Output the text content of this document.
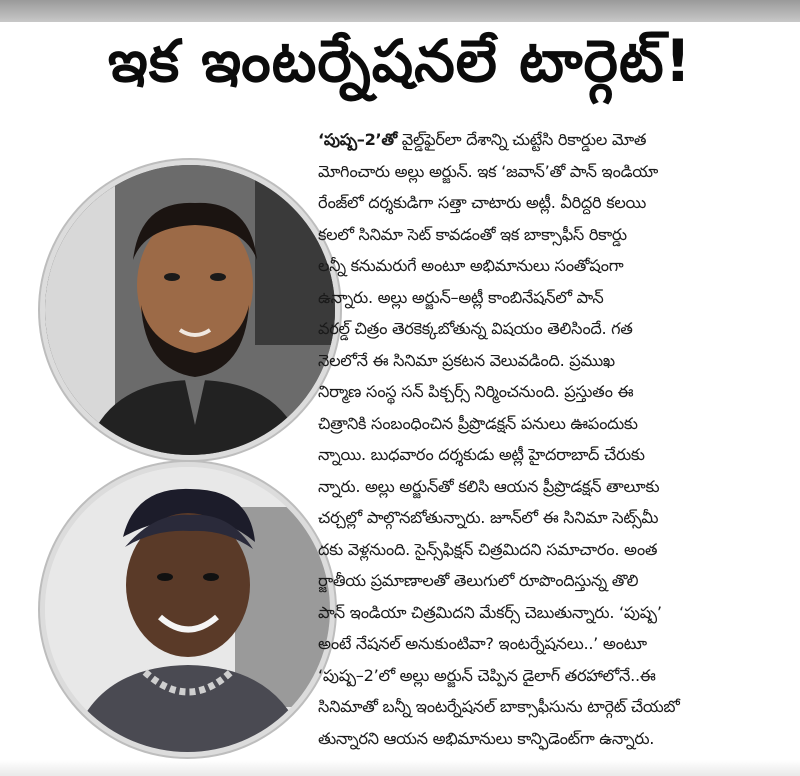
ఇక ఇంటర్నేషనలే టార్గెట్!
‘పుష్ప–2’తో వైల్డ్‌ఫైర్‌లా దేశాన్ని చుట్టేసి రికార్డుల మోత
మోగించారు అల్లు అర్జున్. ఇక ‘జవాన్’తో పాన్ ఇండియా
రేంజ్‌లో దర్శకుడిగా సత్తా చాటారు అట్లీ. వీరిద్దరి కలయి
కలలో సినిమా సెట్ కావడంతో ఇక బాక్సాఫీస్ రికార్డు
లన్నీ కనుమరుగే అంటూ అభిమానులు సంతోషంగా
ఉన్నారు. అల్లు అర్జున్–అట్లీ కాంబినేషన్‌లో పాన్
వరల్డ్ చిత్రం తెరకెక్కబోతున్న విషయం తెలిసిందే. గత
నెలలోనే ఈ సినిమా ప్రకటన వెలువడింది. ప్రముఖ
నిర్మాణ సంస్థ సన్ పిక్చర్స్ నిర్మించనుంది. ప్రస్తుతం ఈ
చిత్రానికి సంబంధించిన ప్రీప్రొడక్షన్ పనులు ఊపందుకు
న్నాయి. బుధవారం దర్శకుడు అట్లీ హైదరాబాద్ చేరుకు
న్నారు. అల్లు అర్జున్‌తో కలిసి ఆయన ప్రీప్రొడక్షన్ తాలూకు
చర్చల్లో పాల్గొనబోతున్నారు. జూన్‌లో ఈ సినిమా సెట్స్‌మీ
దకు వెళ్లనుంది. సైన్స్‌ఫిక్షన్ చిత్రమిదని సమాచారం. అంత
ర్జాతీయ ప్రమాణాలతో తెలుగులో రూపొందిస్తున్న తొలి
పాన్ ఇండియా చిత్రమిదని మేకర్స్ చెబుతున్నారు. ‘పుష్ప’
అంటే నేషనల్ అనుకుంటివా? ఇంటర్నేషనలు..’ అంటూ
‘పుష్ప–2’లో అల్లు అర్జున్ చెప్పిన డైలాగ్ తరహాలోనే..ఈ
సినిమాతో బన్నీ ఇంటర్నేషనల్ బాక్సాఫీసును టార్గెట్ చేయబో
తున్నారని ఆయన అభిమానులు కాన్ఫిడెంట్‌గా ఉన్నారు.
